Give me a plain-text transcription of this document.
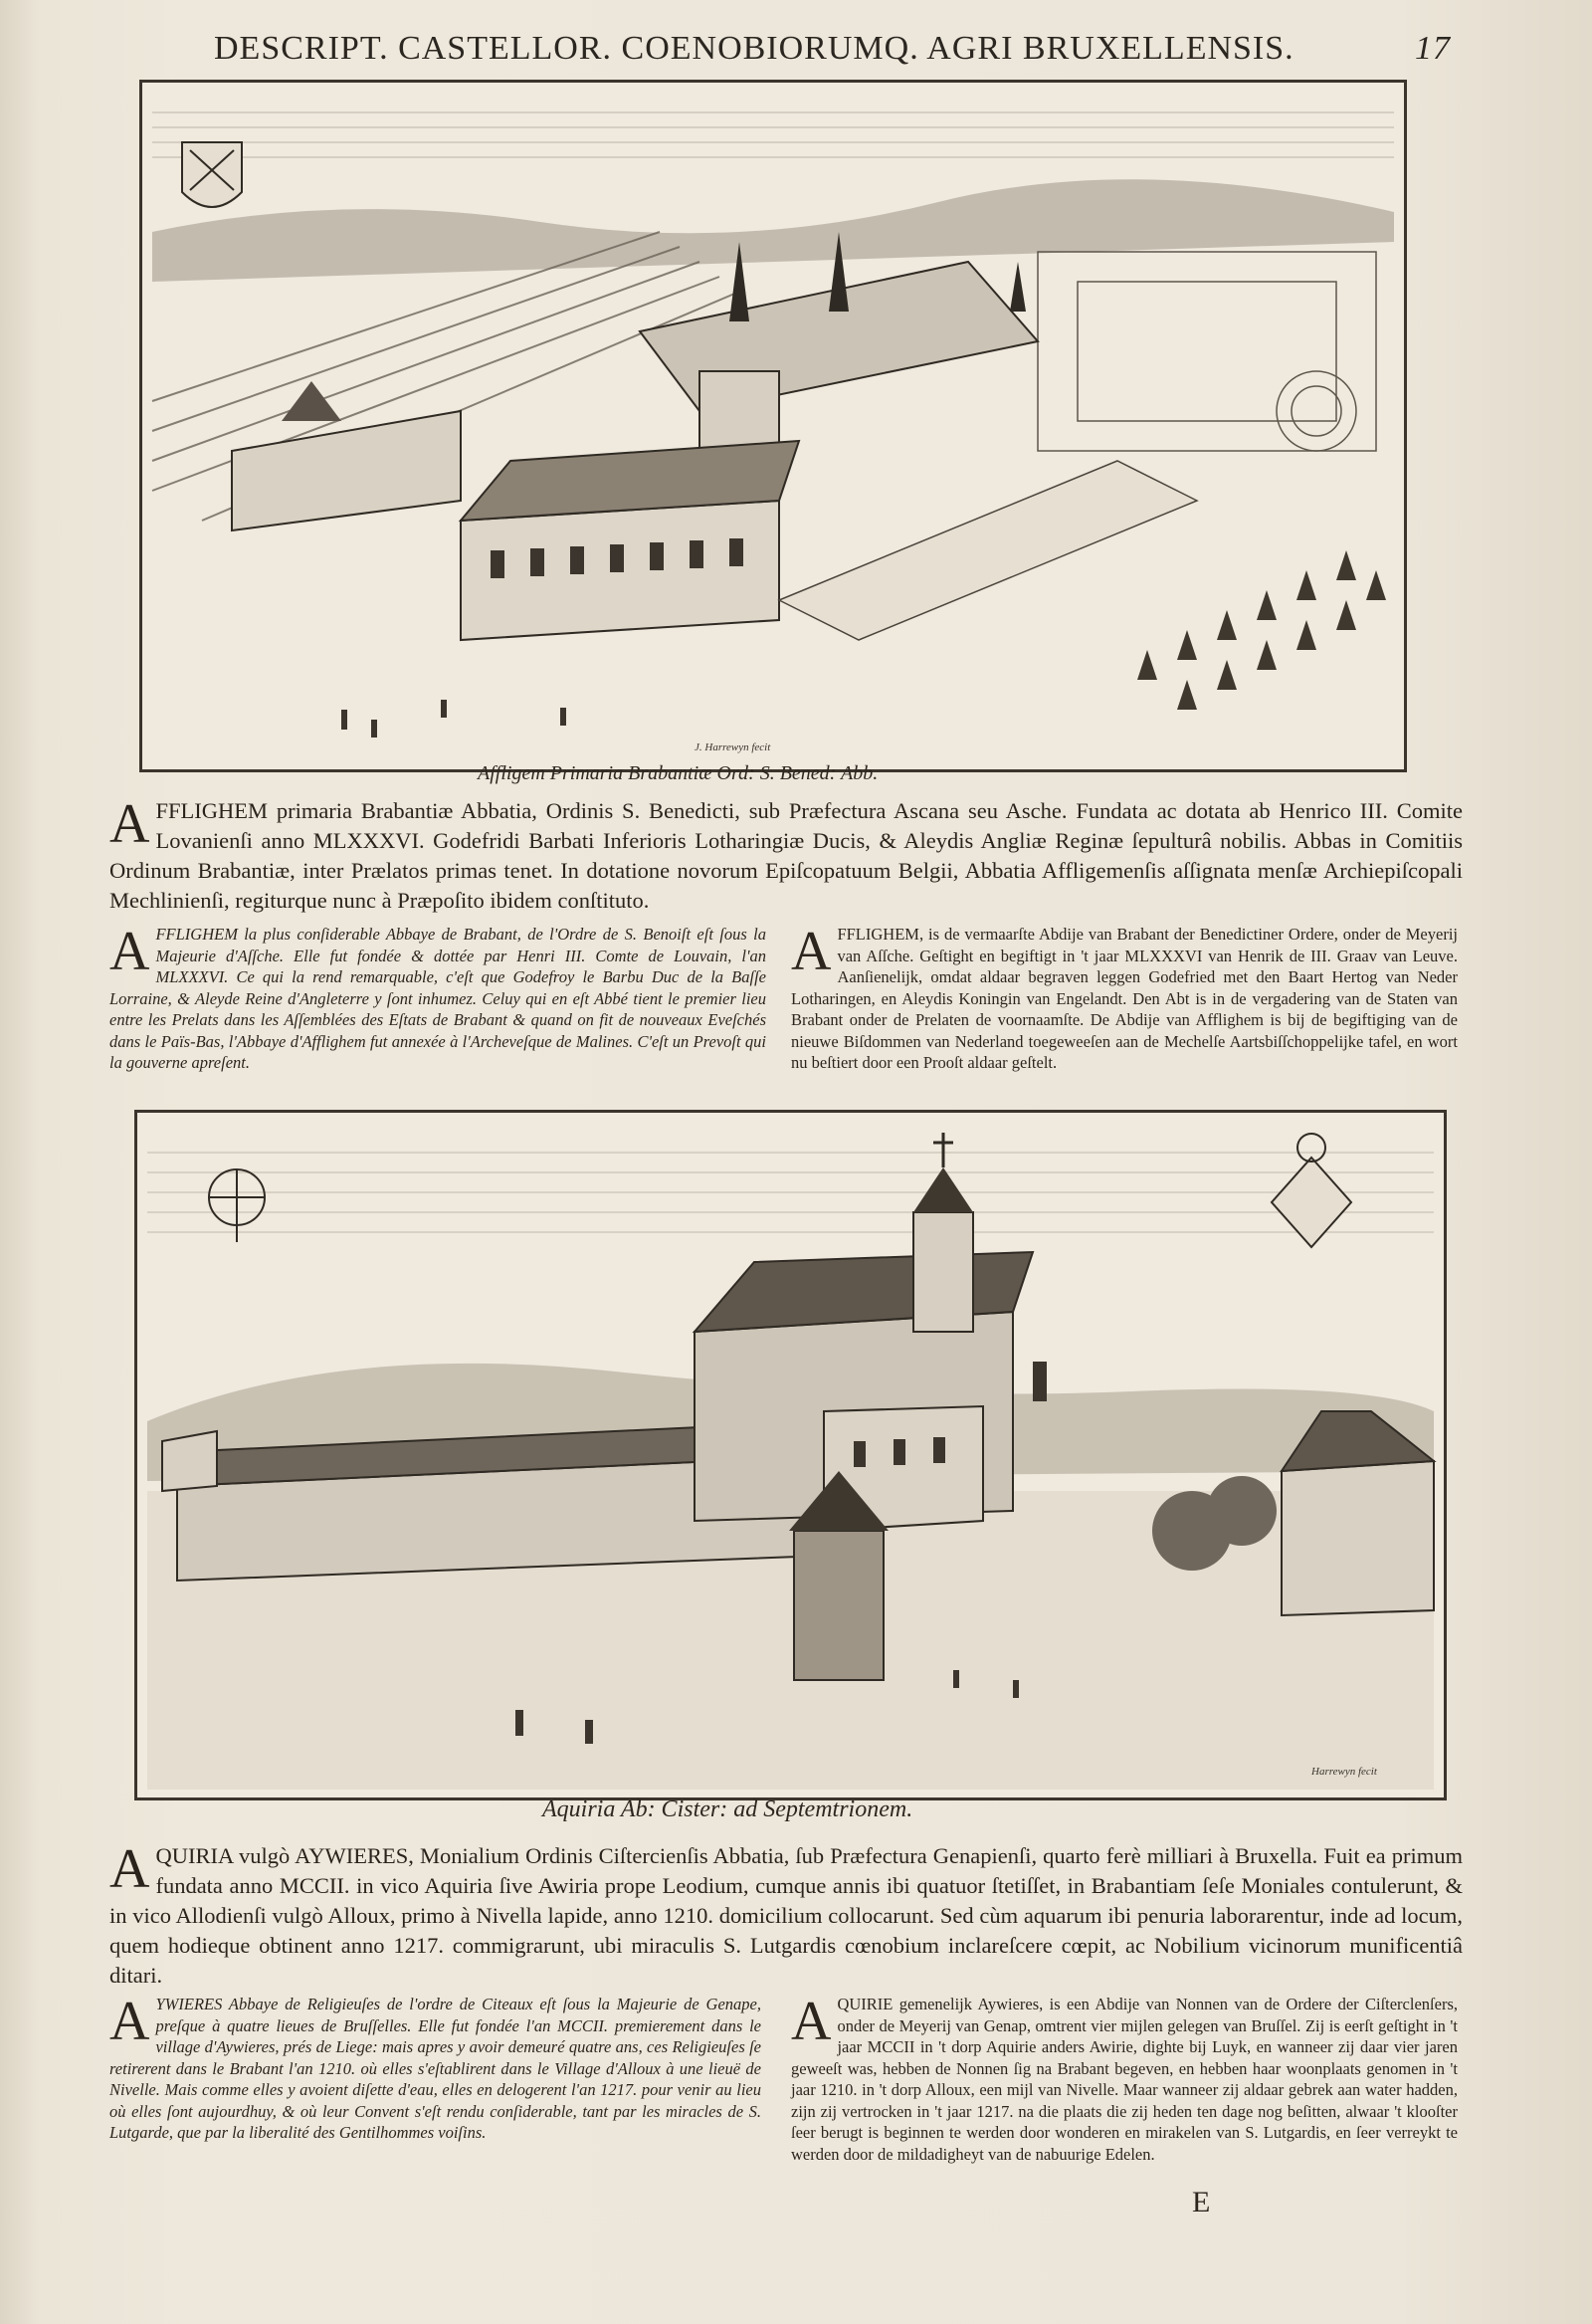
DESCRIPT. CASTELLOR. COENOBIORUMQ. AGRI BRUXELLENSIS.	17
J. Harrewyn fecit
Affligem Primaria Brabantiæ Ord: S. Bened: Abb.
AFFLIGHEM primaria Brabantiæ Abbatia, Ordinis S. Benedicti, sub Præfectura Ascana seu Asche. Fundata ac dotata ab Henrico III. Comite Lovanienſi anno MLXXXVI. Godefridi Barbati Inferioris Lotharingiæ Ducis, & Aleydis Angliæ Reginæ ſepulturâ nobilis. Abbas in Comitiis Ordinum Brabantiæ, inter Prælatos primas tenet. In dotatione novorum Epiſcopatuum Belgii, Abbatia Affligemenſis aſſignata menſæ Archiepiſcopali Mechlinienſi, regiturque nunc à Præpoſito ibidem conſtituto.
AFFLIGHEM la plus conſiderable Abbaye de Brabant, de l'Ordre de S. Benoiſt eſt ſous la Majeurie d'Aſſche. Elle fut fondée & dottée par Henri III. Comte de Louvain, l'an MLXXXVI. Ce qui la rend remarquable, c'eſt que Godefroy le Barbu Duc de la Baſſe Lorraine, & Aleyde Reine d'Angleterre y ſont inhumez. Celuy qui en eſt Abbé tient le premier lieu entre les Prelats dans les Aſſemblées des Eſtats de Brabant & quand on fit de nouveaux Eveſchés dans le Païs-Bas, l'Abbaye d'Afflighem fut annexée à l'Archeveſque de Malines. C'eſt un Prevoſt qui la gouverne apreſent.
AFFLIGHEM, is de vermaarſte Abdije van Brabant der Benedictiner Ordere, onder de Meyerij van Aſſche. Geſtight en begiftigt in 't jaar MLXXXVI van Henrik de III. Graav van Leuve. Aanſienelijk, omdat aldaar begraven leggen Godefried met den Baart Hertog van Neder Lotharingen, en Aleydis Koningin van Engelandt. Den Abt is in de vergadering van de Staten van Brabant onder de Prelaten de voornaamſte. De Abdije van Afflighem is bij de begiftiging van de nieuwe Biſdommen van Nederland toegeweeſen aan de Mechelſe Aartsbiſſchoppelijke tafel, en wort nu beſtiert door een Prooſt aldaar geſtelt.
Harrewyn fecit
Aquiria Ab: Cister: ad Septemtrionem.
AQUIRIA vulgò AYWIERES, Monialium Ordinis Ciſtercienſis Abbatia, ſub Præfectura Genapienſi, quarto ferè milliari à Bruxella. Fuit ea primum fundata anno MCCII. in vico Aquiria ſive Awiria prope Leodium, cumque annis ibi quatuor ſtetiſſet, in Brabantiam ſeſe Moniales contulerunt, & in vico Allodienſi vulgò Alloux, primo à Nivella lapide, anno 1210. domicilium collocarunt. Sed cùm aquarum ibi penuria laborarentur, inde ad locum, quem hodieque obtinent anno 1217. commigrarunt, ubi miraculis S. Lutgardis cœnobium inclareſcere cœpit, ac Nobilium vicinorum munificentiâ ditari.
AYWIERES Abbaye de Religieuſes de l'ordre de Citeaux eſt ſous la Majeurie de Genape, preſque à quatre lieues de Bruſſelles. Elle fut fondée l'an MCCII. premierement dans le village d'Aywieres, prés de Liege: mais apres y avoir demeuré quatre ans, ces Religieuſes ſe retirerent dans le Brabant l'an 1210. où elles s'eſtablirent dans le Village d'Alloux à une lieuë de Nivelle. Mais comme elles y avoient diſette d'eau, elles en delogerent l'an 1217. pour venir au lieu où elles ſont aujourdhuy, & où leur Convent s'eſt rendu conſiderable, tant par les miracles de S. Lutgarde, que par la liberalité des Gentilhommes voiſins.
AQUIRIE gemenelijk Aywieres, is een Abdije van Nonnen van de Ordere der Ciſterclenſers, onder de Meyerij van Genap, omtrent vier mijlen gelegen van Bruſſel. Zij is eerſt geſtight in 't jaar MCCII in 't dorp Aquirie anders Awirie, dighte bij Luyk, en wanneer zij daar vier jaren geweeſt was, hebben de Nonnen ſig na Brabant begeven, en hebben haar woonplaats genomen in 't jaar 1210. in 't dorp Alloux, een mijl van Nivelle. Maar wanneer zij aldaar gebrek aan water hadden, zijn zij vertrocken in 't jaar 1217. na die plaats die zij heden ten dage nog beſitten, alwaar 't klooſter ſeer berugt is beginnen te werden door wonderen en mirakelen van S. Lutgardis, en ſeer verreykt te werden door de mildadigheyt van de nabuurige Edelen.
E
